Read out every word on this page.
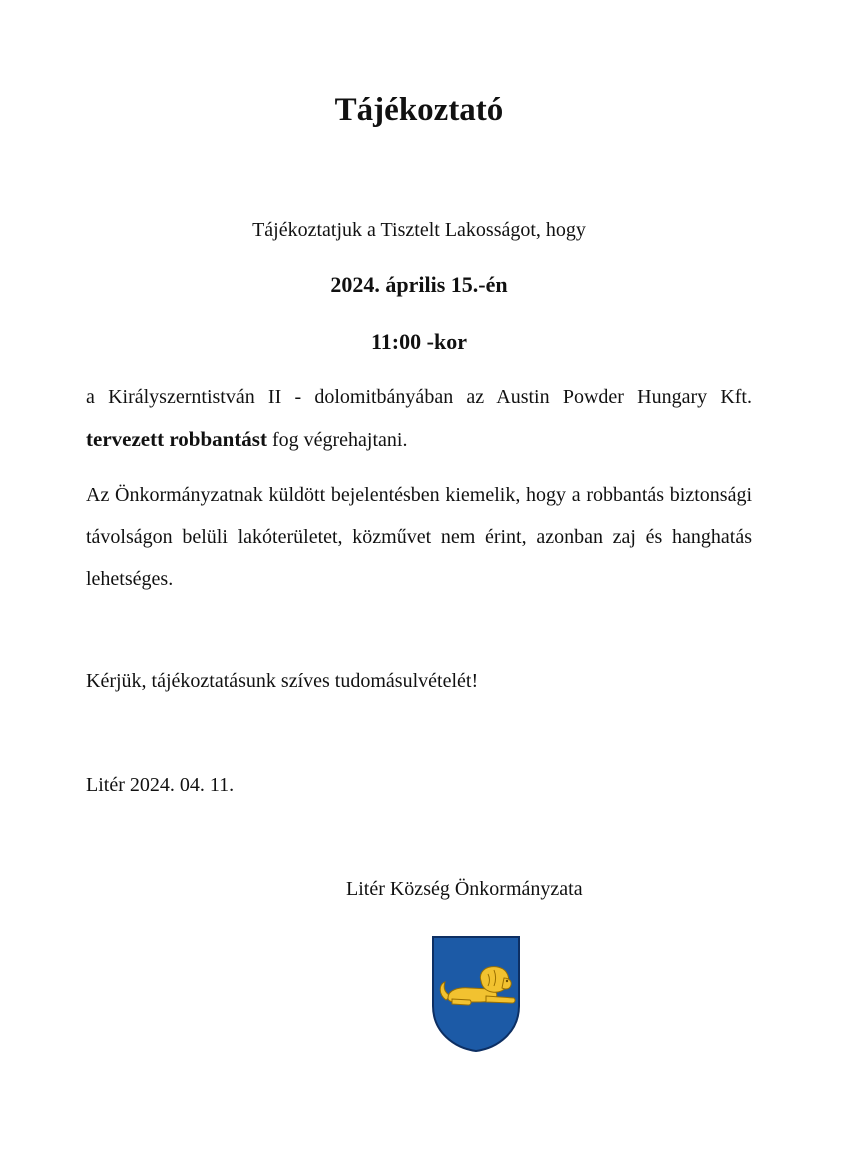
Tájékoztató
Tájékoztatjuk a Tisztelt Lakosságot, hogy
2024. április 15.-én
11:00 -kor

a Királyszerntistván II - dolomitbányában az Austin Powder Hungary Kft. tervezett robbantást fog végrehajtani.

Az Önkormányzatnak küldött bejelentésben kiemelik, hogy a robbantás biztonsági távolságon belüli lakóterületet, közművet nem érint, azonban zaj és hanghatás lehetséges.

Kérjük, tájékoztatásunk szíves tudomásulvételét!
Litér 2024. 04. 11.
Litér Község Önkormányzata
